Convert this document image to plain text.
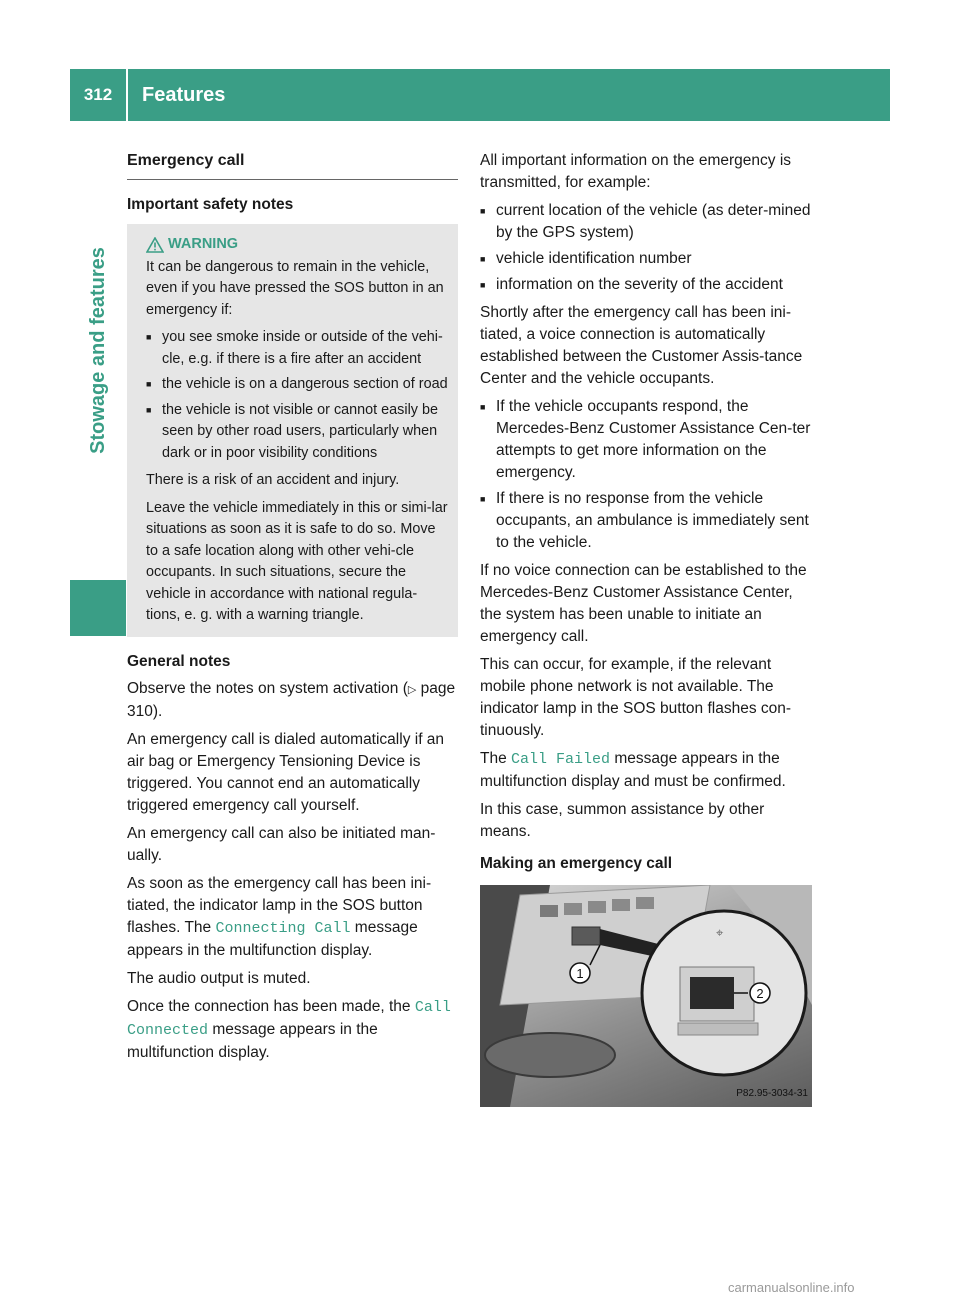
312	Features
Stowage and features
Emergency call
Important safety notes
WARNING

It can be dangerous to remain in the vehicle, even if you have pressed the SOS button in an emergency if:

■ you see smoke inside or outside of the vehi-cle, e.g. if there is a fire after an accident
■ the vehicle is on a dangerous section of road
■ the vehicle is not visible or cannot easily be seen by other road users, particularly when dark or in poor visibility conditions

There is a risk of an accident and injury.

Leave the vehicle immediately in this or simi-lar situations as soon as it is safe to do so. Move to a safe location along with other vehi-cle occupants. In such situations, secure the vehicle in accordance with national regula-tions, e. g. with a warning triangle.

General notes

Observe the notes on system activation (▷ page 310).

An emergency call is dialed automatically if an air bag or Emergency Tensioning Device is triggered. You cannot end an automatically triggered emergency call yourself.

An emergency call can also be initiated man-ually.

As soon as the emergency call has been ini-tiated, the indicator lamp in the SOS button flashes. The Connecting Call message appears in the multifunction display.

The audio output is muted.

Once the connection has been made, the Call Connected message appears in the multifunction display.

All important information on the emergency is transmitted, for example:

■ current location of the vehicle (as deter-mined by the GPS system)
■ vehicle identification number
■ information on the severity of the accident

Shortly after the emergency call has been ini-tiated, a voice connection is automatically established between the Customer Assis-tance Center and the vehicle occupants.

■ If the vehicle occupants respond, the Mercedes-Benz Customer Assistance Cen-ter attempts to get more information on the emergency.
■ If there is no response from the vehicle occupants, an ambulance is immediately sent to the vehicle.

If no voice connection can be established to the Mercedes-Benz Customer Assistance Center, the system has been unable to initiate an emergency call.

This can occur, for example, if the relevant mobile phone network is not available. The indicator lamp in the SOS button flashes con-tinuously.

The Call Failed message appears in the multifunction display and must be confirmed.

In this case, summon assistance by other means.

Making an emergency call
⌖
1
2
P82.95-3034-31
carmanualsonline.info
